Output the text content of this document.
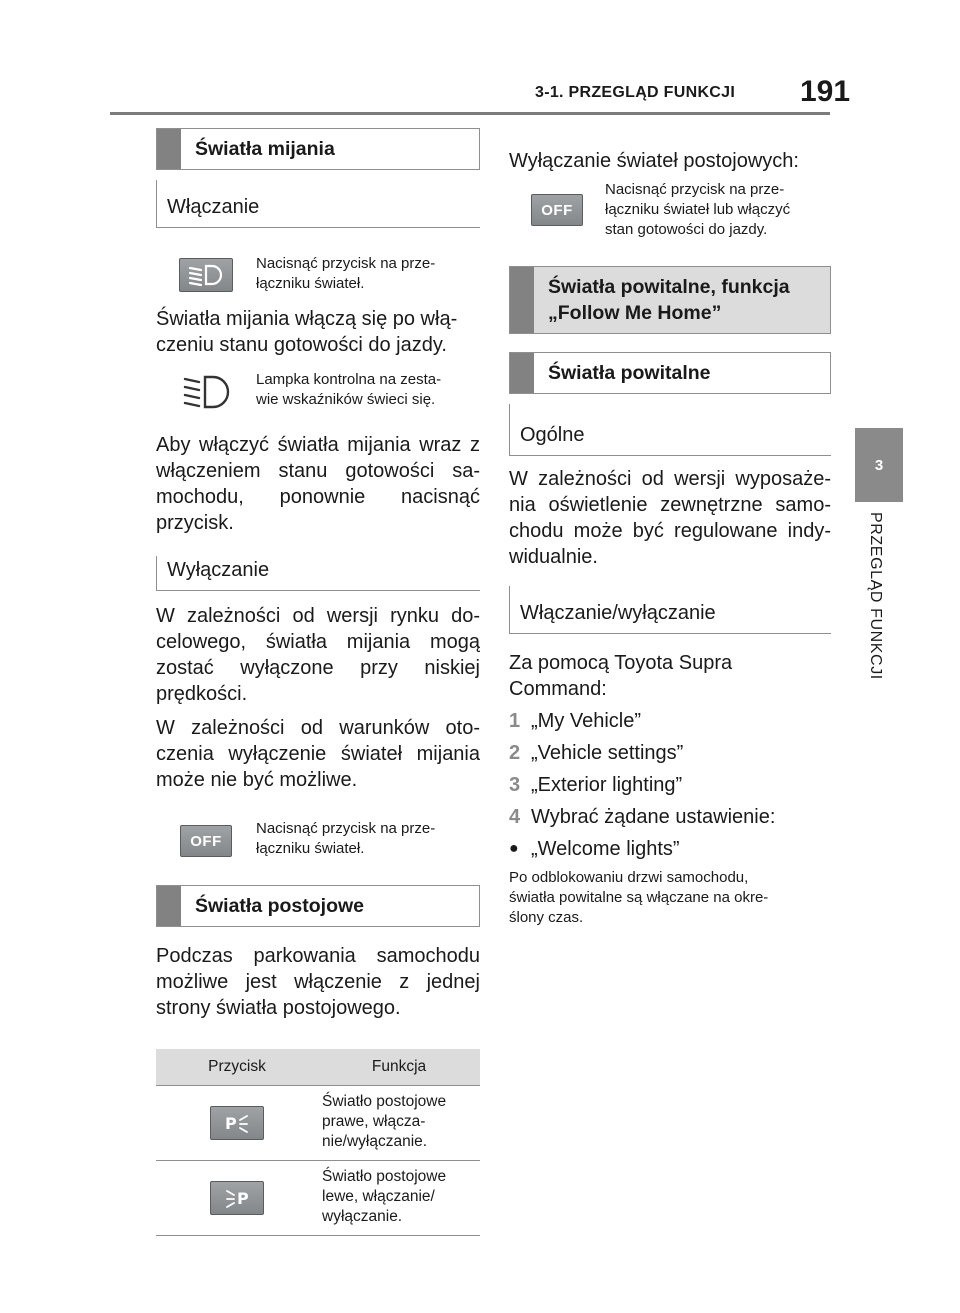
3-1. PRZEGLĄD FUNKCJI 191
3
PRZEGLĄD FUNKCJI
Światła mijania
Włączanie
Nacisnąć przycisk na prze-
łączniku świateł.
Światła mijania włączą się po włą-
czeniu stanu gotowości do jazdy.
Lampka kontrolna na zesta-
wie wskaźników świeci się.
Aby włączyć światła mijania wraz z włączeniem stanu gotowości sa-mochodu, ponownie nacisnąć przycisk.
Wyłączanie
W zależności od wersji rynku do-celowego, światła mijania mogą zostać wyłączone przy niskiej prędkości.
W zależności od warunków oto-czenia wyłączenie świateł mijania może nie być możliwe.
OFF
Nacisnąć przycisk na prze-
łączniku świateł.
Światła postojowe
Podczas parkowania samochodu możliwe jest włączenie z jednej strony światła postojowego.
Przycisk	Funkcja

P	Światło postojowe
prawe, włącza-
nie/wyłączanie.

P	Światło postojowe
lewe, włączanie/
wyłączanie.
Wyłączanie świateł postojowych:
OFF
Nacisnąć przycisk na prze-
łączniku świateł lub włączyć
stan gotowości do jazdy.
Światła powitalne, funkcja
„Follow Me Home”
Światła powitalne
Ogólne
W zależności od wersji wyposaże-nia oświetlenie zewnętrzne samo-chodu może być regulowane indy-widualnie.
Włączanie/wyłączanie
Za pomocą Toyota Supra
Command:
1 „My Vehicle”
2 „Vehicle settings”
3 „Exterior lighting”
4 Wybrać żądane ustawienie:
● „Welcome lights”
Po odblokowaniu drzwi samochodu,
światła powitalne są włączane na okre-
ślony czas.
